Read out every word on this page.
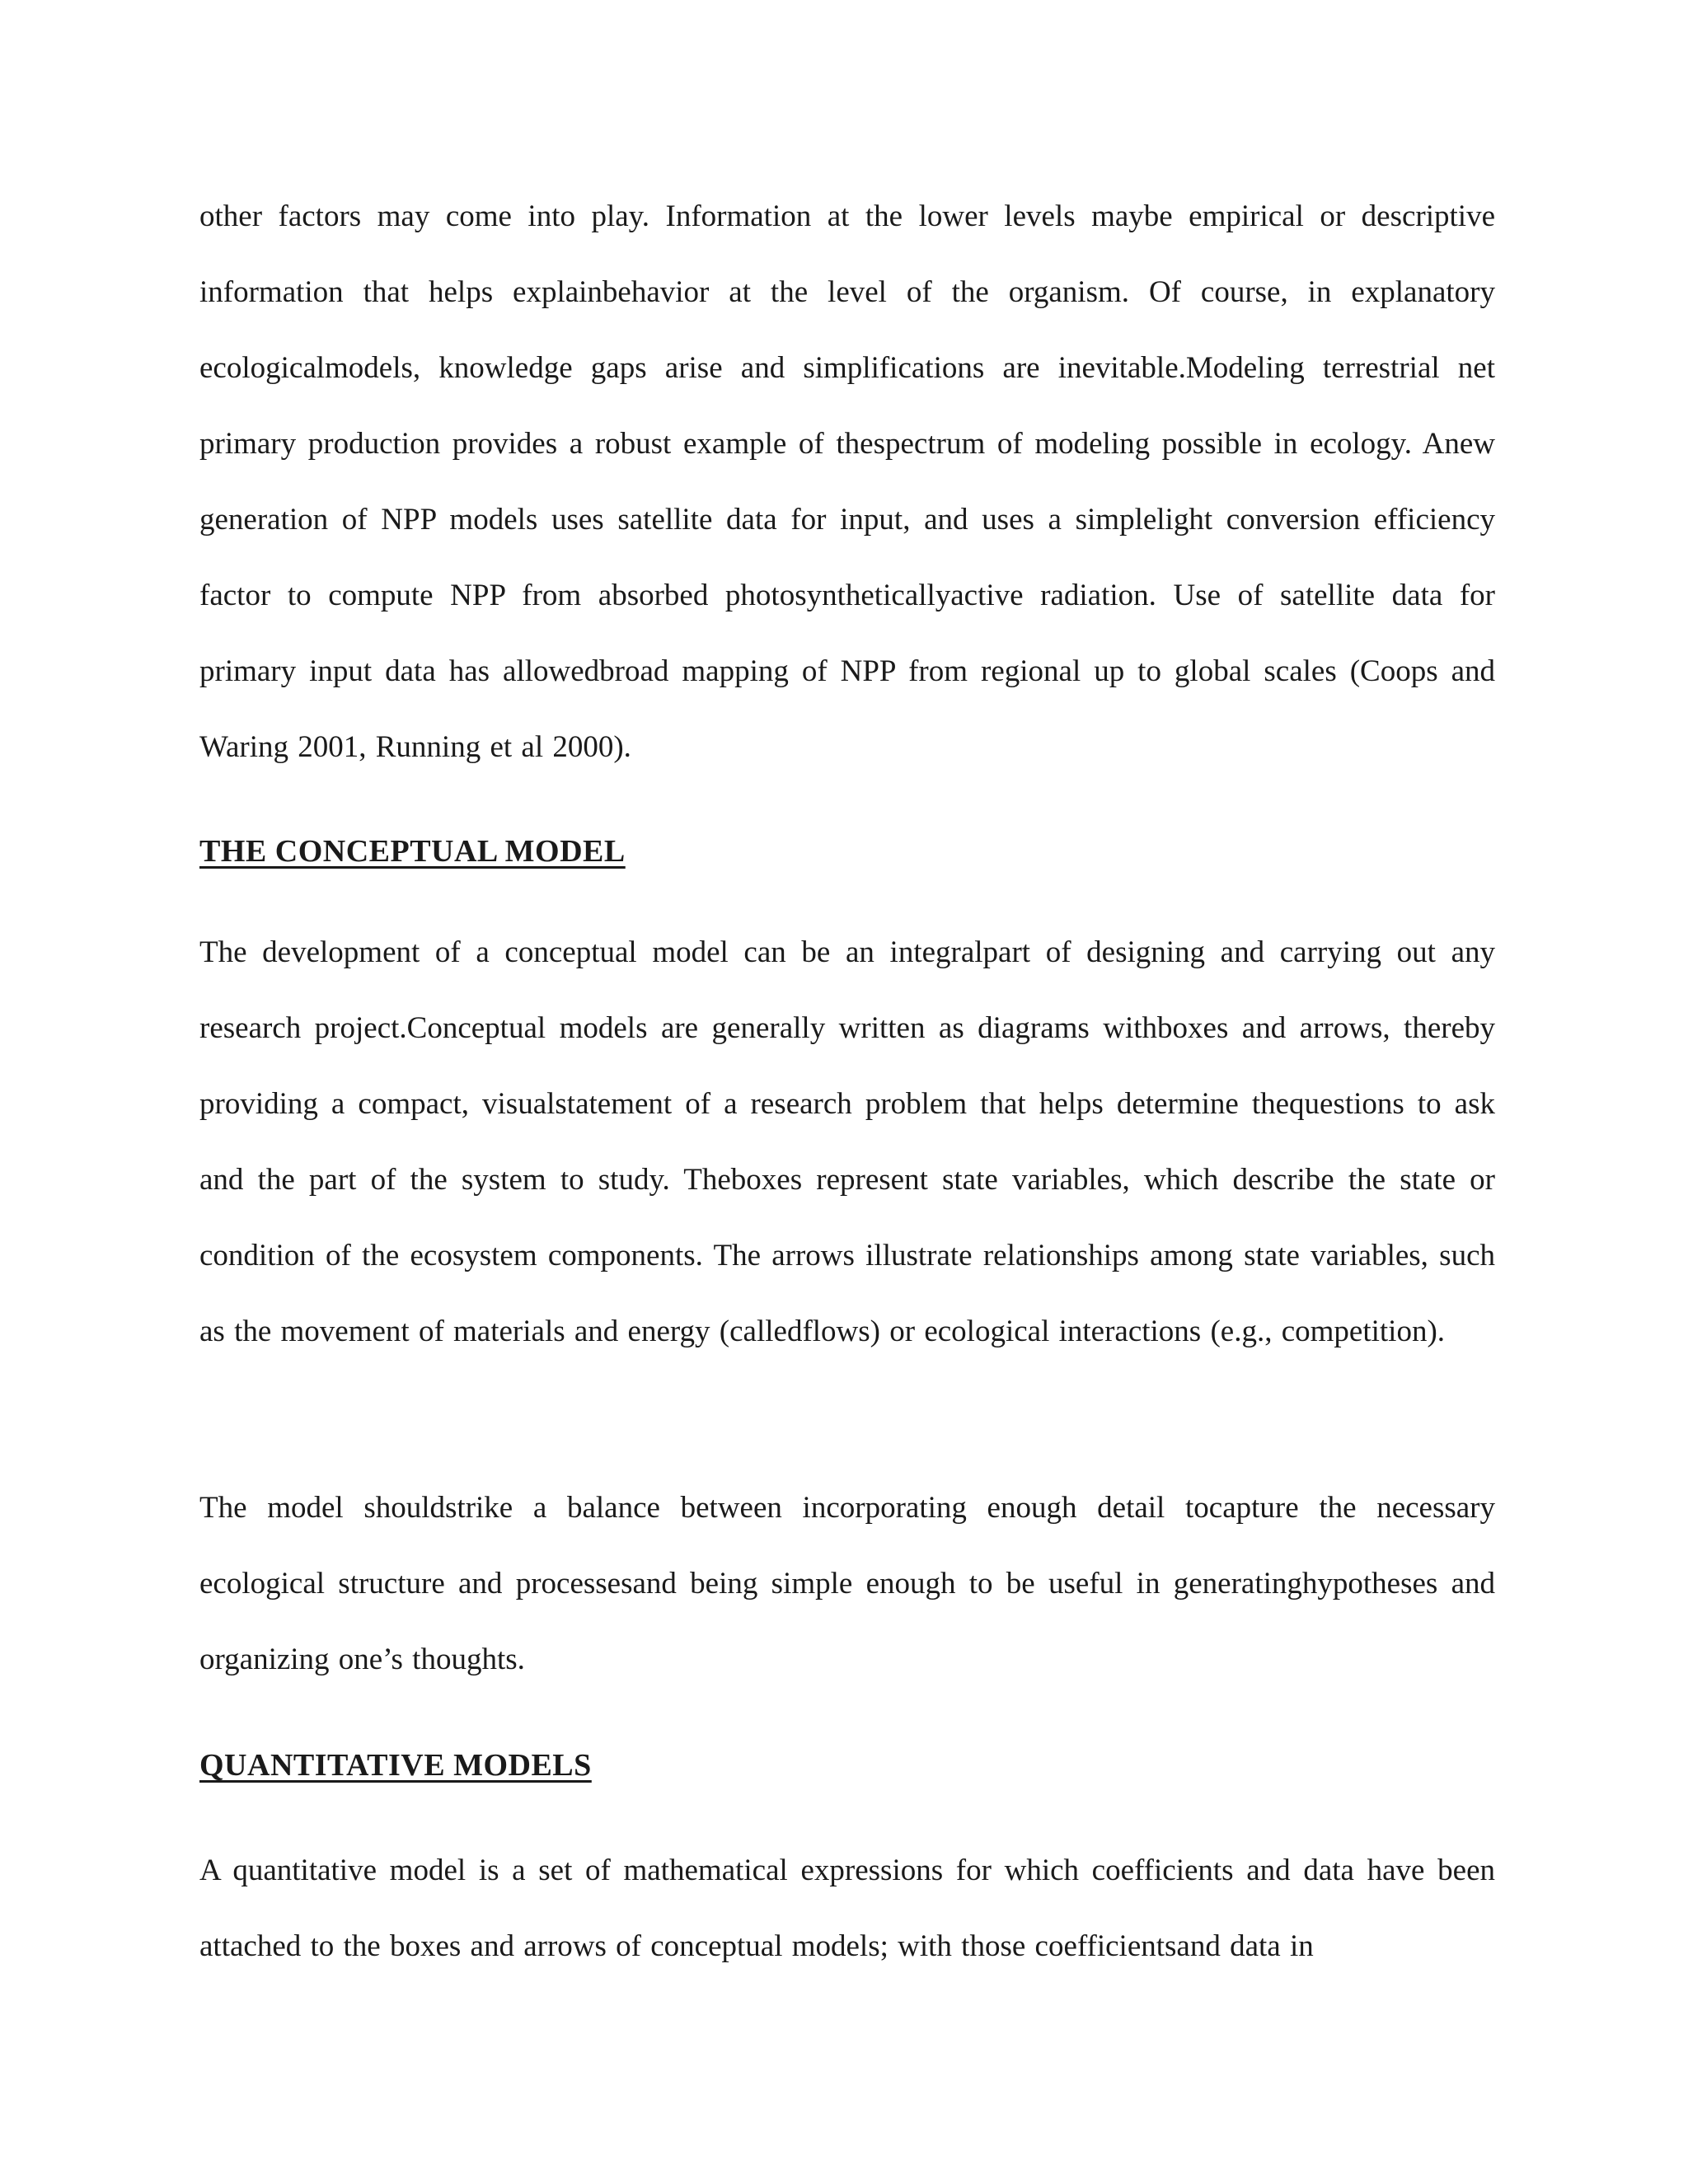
other factors may come into play. Information at the lower levels maybe empirical or descriptive information that helps explainbehavior at the level of the organism. Of course, in explanatory ecologicalmodels, knowledge gaps arise and simplifications are inevitable.Modeling terrestrial net primary production provides a robust example of thespectrum of modeling possible in ecology. Anew generation of NPP models uses satellite data for input, and uses a simplelight conversion efficiency factor to compute NPP from absorbed photosyntheticallyactive radiation. Use of satellite data for primary input data has allowedbroad mapping of NPP from regional up to global scales (Coops and Waring 2001, Running et al 2000).

THE CONCEPTUAL MODEL

The development of a conceptual model can be an integralpart of designing and carrying out any research project.Conceptual models are generally written as diagrams withboxes and arrows, thereby providing a compact, visualstatement of a research problem that helps determine thequestions to ask and the part of the system to study. Theboxes represent state variables, which describe the state or condition of the ecosystem components. The arrows illustrate relationships among state variables, such as the movement of materials and energy (calledflows) or ecological interactions (e.g., competition).

The model shouldstrike a balance between incorporating enough detail tocapture the necessary ecological structure and processesand being simple enough to be useful in generatinghypotheses and organizing one’s thoughts.

QUANTITATIVE MODELS

A quantitative model is a set of mathematical expressions for which coefficients and data have been attached to the boxes and arrows of conceptual models; with those coefficientsand data in
